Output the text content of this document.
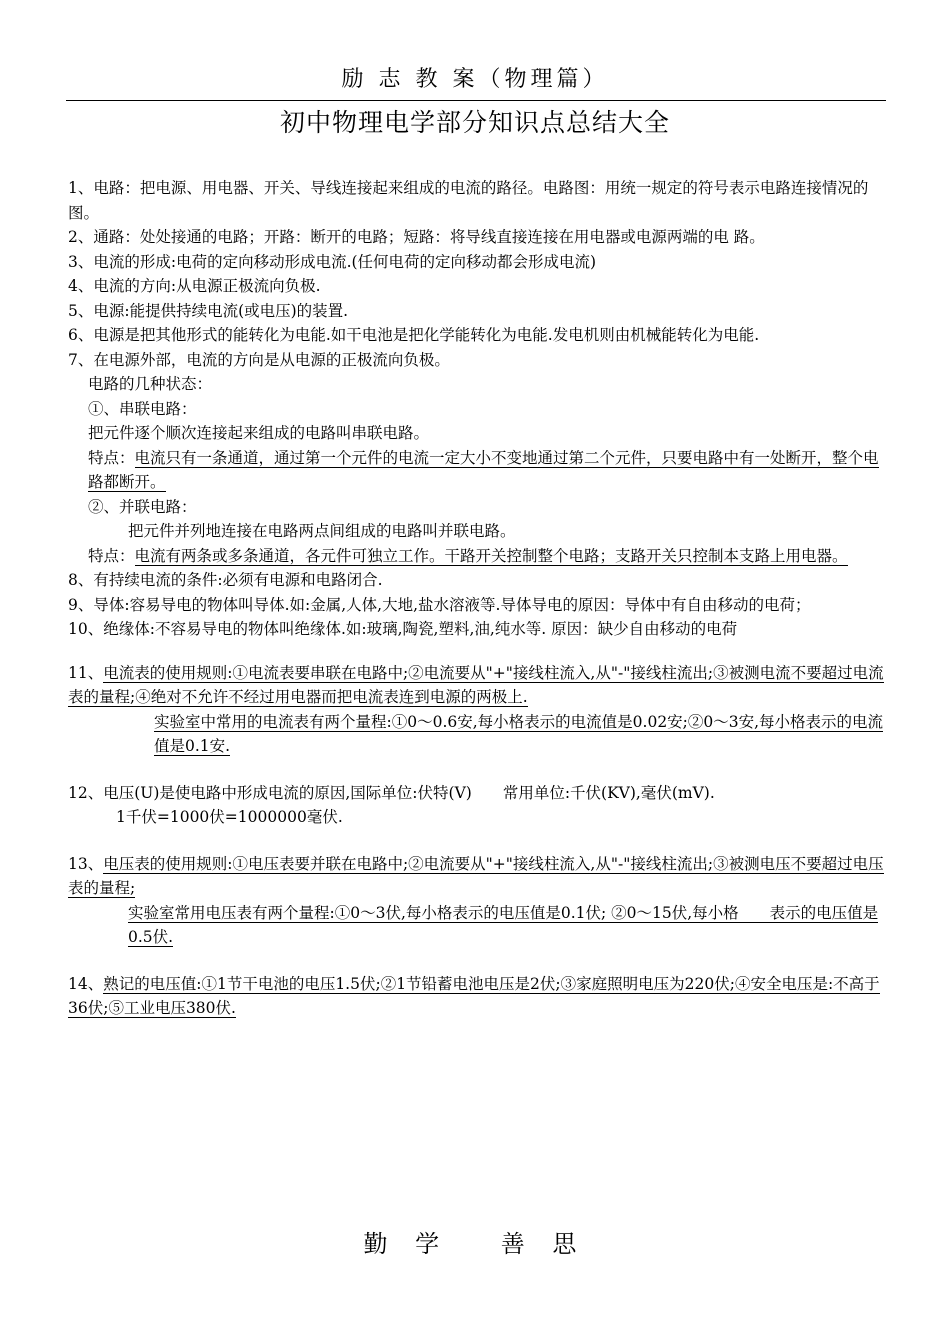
励 志 教 案（物理篇）
初中物理电学部分知识点总结大全

1、电路：把电源、用电器、开关、导线连接起来组成的电流的路径。电路图：用统一规定的符号表示电路连接情况的图。

2、通路：处处接通的电路；开路：断开的电路；短路：将导线直接连接在用电器或电源两端的电 路。

3、电流的形成:电荷的定向移动形成电流.(任何电荷的定向移动都会形成电流)

4、电流的方向:从电源正极流向负极.

5、电源:能提供持续电流(或电压)的装置.

6、电源是把其他形式的能转化为电能.如干电池是把化学能转化为电能.发电机则由机械能转化为电能.

7、在电源外部，电流的方向是从电源的正极流向负极。

电路的几种状态：

①、串联电路：

把元件逐个顺次连接起来组成的电路叫串联电路。

特点：电流只有一条通道，通过第一个元件的电流一定大小不变地通过第二个元件，只要电路中有一处断开，整个电路都断开。

②、并联电路：

把元件并列地连接在电路两点间组成的电路叫并联电路。

特点：电流有两条或多条通道，各元件可独立工作。干路开关控制整个电路；支路开关只控制本支路上用电器。

8、有持续电流的条件:必须有电源和电路闭合.

9、导体:容易导电的物体叫导体.如:金属,人体,大地,盐水溶液等.导体导电的原因：导体中有自由移动的电荷；

10、绝缘体:不容易导电的物体叫绝缘体.如:玻璃,陶瓷,塑料,油,纯水等. 原因：缺少自由移动的电荷

11、电流表的使用规则:①电流表要串联在电路中;②电流要从"+"接线柱流入,从"-"接线柱流出;③被测电流不要超过电流表的量程;④绝对不允许不经过用电器而把电流表连到电源的两极上.

实验室中常用的电流表有两个量程:①0～0.6安,每小格表示的电流值是0.02安;②0～3安,每小格表示的电流值是0.1安.

12、电压(U)是使电路中形成电流的原因,国际单位:伏特(V)　　常用单位:千伏(KV),毫伏(mV).

1千伏=1000伏=1000000毫伏.

13、电压表的使用规则:①电压表要并联在电路中;②电流要从"+"接线柱流入,从"-"接线柱流出;③被测电压不要超过电压表的量程;

实验室常用电压表有两个量程:①0～3伏,每小格表示的电压值是0.1伏; ②0～15伏,每小格　　表示的电压值是0.5伏.

14、熟记的电压值:①1节干电池的电压1.5伏;②1节铅蓄电池电压是2伏;③家庭照明电压为220伏;④安全电压是:不高于36伏;⑤工业电压380伏.

勤 学　 善 思
